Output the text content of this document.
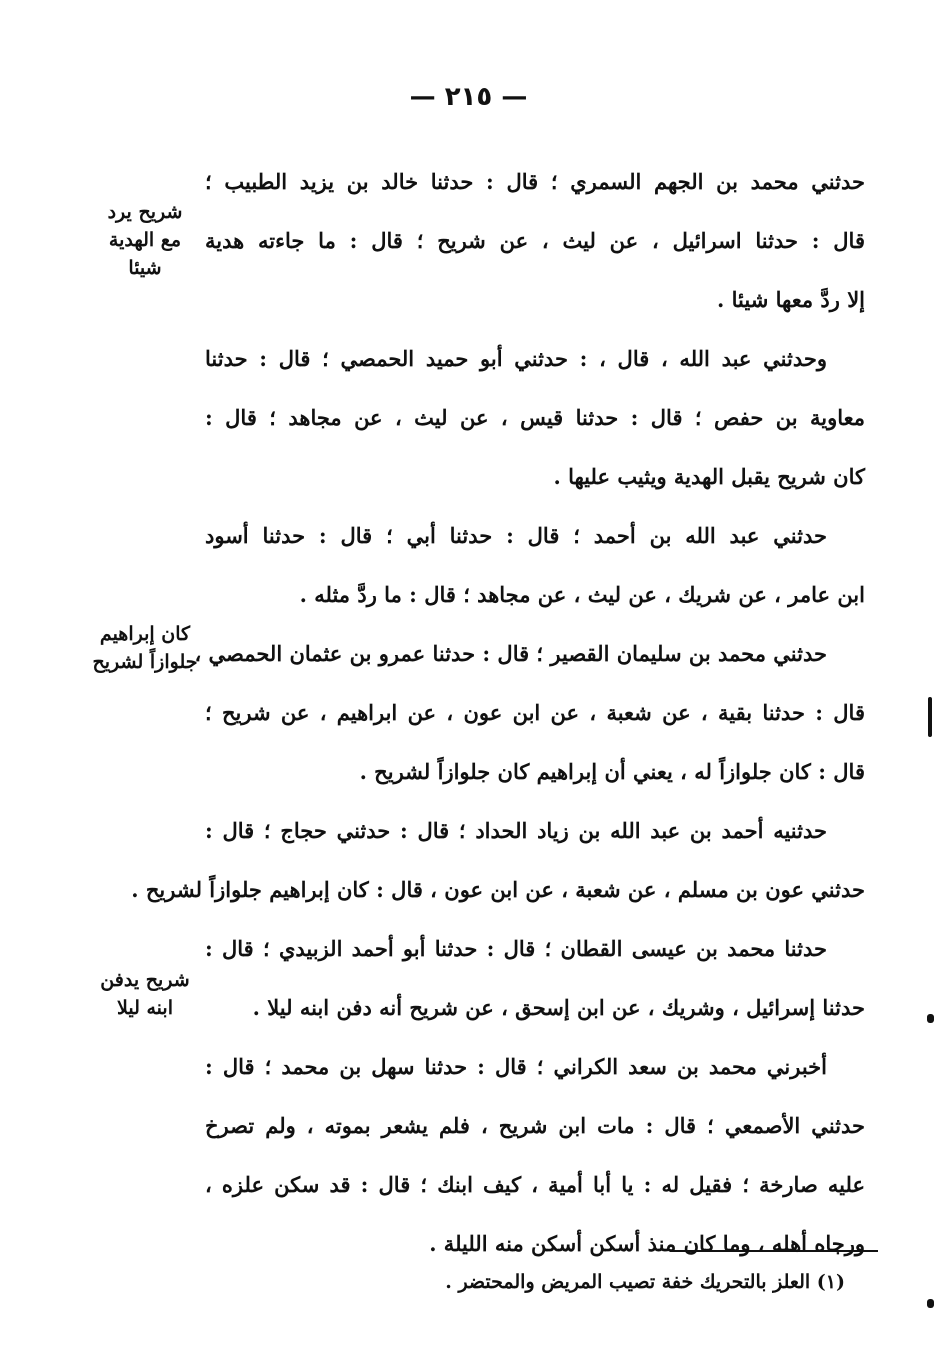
— ٢١٥ —
شريح يرد
مع الهدية
شيئا
كان إبراهيم
جلوازاً لشريح
شريح يدفن
ابنه ليلا
حدثني محمد بن الجهم السمري ؛ قال : حدثنا خالد بن يزيد الطبيب ؛
قال : حدثنا اسرائيل ، عن ليث ، عن شريح ؛ قال : ما جاءته هدية
إلا ردَّ معها شيئا .
وحدثني عبد الله ، قال ، : حدثني أبو حميد الحمصي ؛ قال : حدثنا
معاوية بن حفص ؛ قال : حدثنا قيس ، عن ليث ، عن مجاهد ؛ قال :
كان شريح يقبل الهدية ويثيب عليها .
حدثني عبد الله بن أحمد ؛ قال : حدثنا أبي ؛ قال : حدثنا أسود
ابن عامر ، عن شريك ، عن ليث ، عن مجاهد ؛ قال : ما ردَّ مثله .
حدثني محمد بن سليمان القصير ؛ قال : حدثنا عمرو بن عثمان الحمصي ،
قال : حدثنا بقية ، عن شعبة ، عن ابن عون ، عن ابراهيم ، عن شريح ؛
قال : كان جلوازاً له ، يعني أن إبراهيم كان جلوازاً لشريح .
حدثنيه أحمد بن عبد الله بن زياد الحداد ؛ قال : حدثني حجاج ؛ قال :
حدثني عون بن مسلم ، عن شعبة ، عن ابن عون ، قال : كان إبراهيم جلوازاً لشريح .
حدثنا محمد بن عيسى القطان ؛ قال : حدثنا أبو أحمد الزبيدي ؛ قال :
حدثنا إسرائيل ، وشريك ، عن ابن إسحق ، عن شريح أنه دفن ابنه ليلا .
أخبرني محمد بن سعد الكراني ؛ قال : حدثنا سهل بن محمد ؛ قال :
حدثني الأصمعي ؛ قال : مات ابن شريح ، فلم يشعر بموته ، ولم تصرخ
عليه صارخة ؛ فقيل له : يا أبا أمية ، كيف ابنك ؛ قال : قد سكن علزه ،
ورجاه أهله ، وما كان منذ أسكن أسكن منه الليلة .
(١) العلز بالتحريك خفة تصيب المريض والمحتضر .
